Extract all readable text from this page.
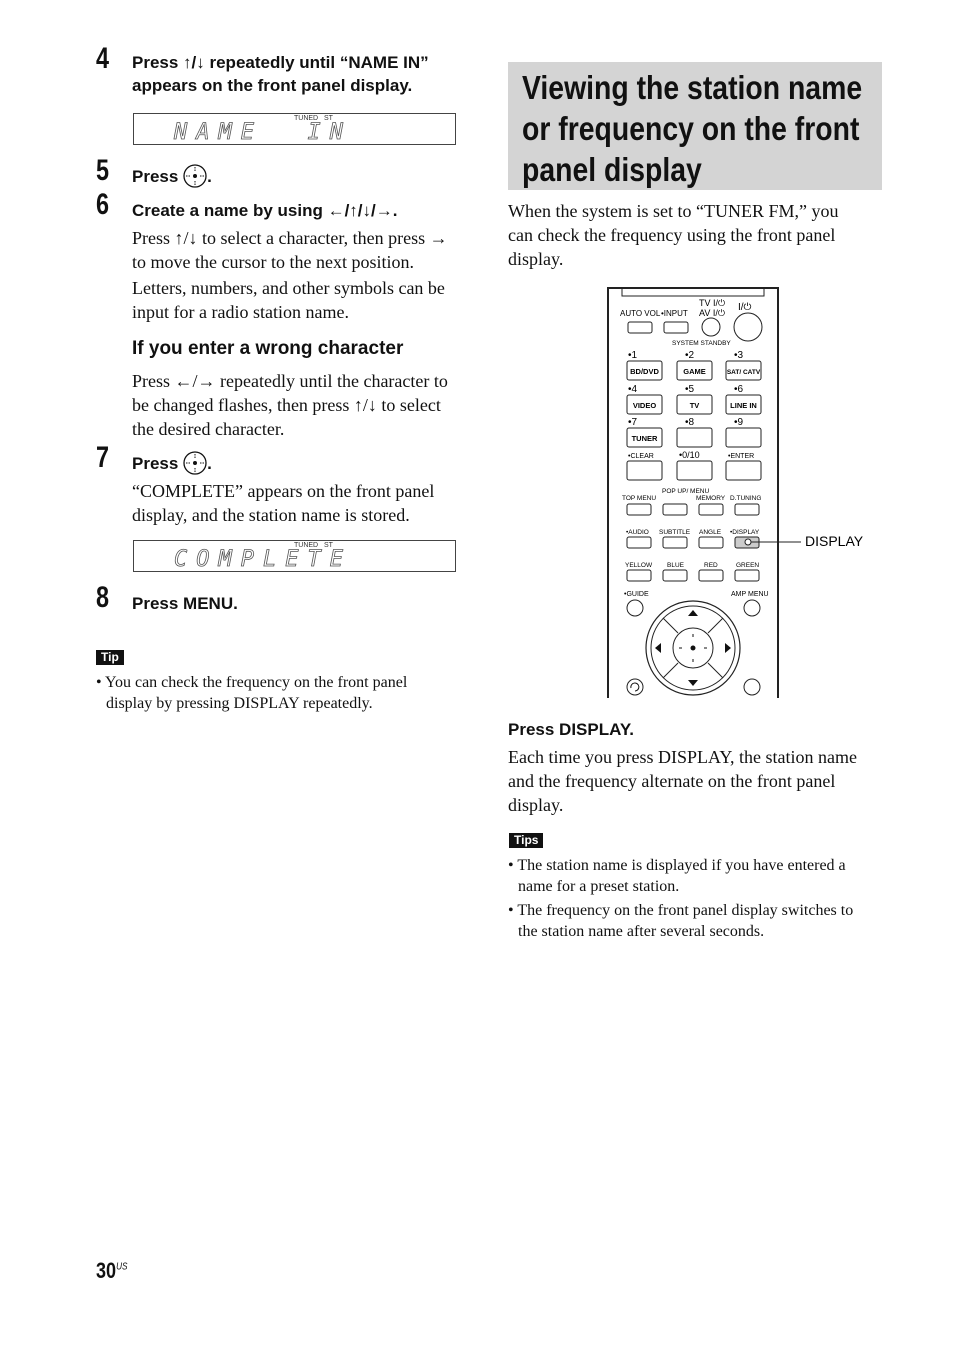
4 Press ↑/↓ repeatedly until “NAME IN”
appears on the front panel display.
TUNED ST
NAME  IN
5 Press .
6 Create a name by using ←/↑/↓/→.
Press ↑/↓ to select a character, then press →
to move the cursor to the next position.
Letters, numbers, and other symbols can be
input for a radio station name.
If you enter a wrong character
Press ←/→ repeatedly until the character to
be changed flashes, then press ↑/↓ to select
the desired character.
7 Press .
“COMPLETE” appears on the front panel
display, and the station name is stored.
TUNED ST
COMPLETE
8 Press MENU.
Tip
• You can check the frequency on the front panel
display by pressing DISPLAY repeatedly.
Viewing the station name
or frequency on the front
panel display
When the system is set to “TUNER FM,” you
can check the frequency using the front panel
display.
AUTO VOL •INPUT
TV I/⏻
AV I/⏻ I/⏻
SYSTEM STANDBY
•1	•2	•3
BD/DVD	GAME	SAT/ CATV
•4	•5	•6
VIDEO	TV	LINE IN
•7	•8	•9
TUNER
•CLEAR	•0/10	•ENTER
TOP MENU
POP UP/ MENU
MEMORY D.TUNING
•AUDIO SUBTITLE ANGLE •DISPLAY
DISPLAY
YELLOW BLUE	RED	GREEN
•GUIDE	AMP MENU
Press DISPLAY.
Each time you press DISPLAY, the station name
and the frequency alternate on the front panel
display.
Tips
• The station name is displayed if you have entered a
name for a preset station.
• The frequency on the front panel display switches to
the station name after several seconds.
$30^{US}$
